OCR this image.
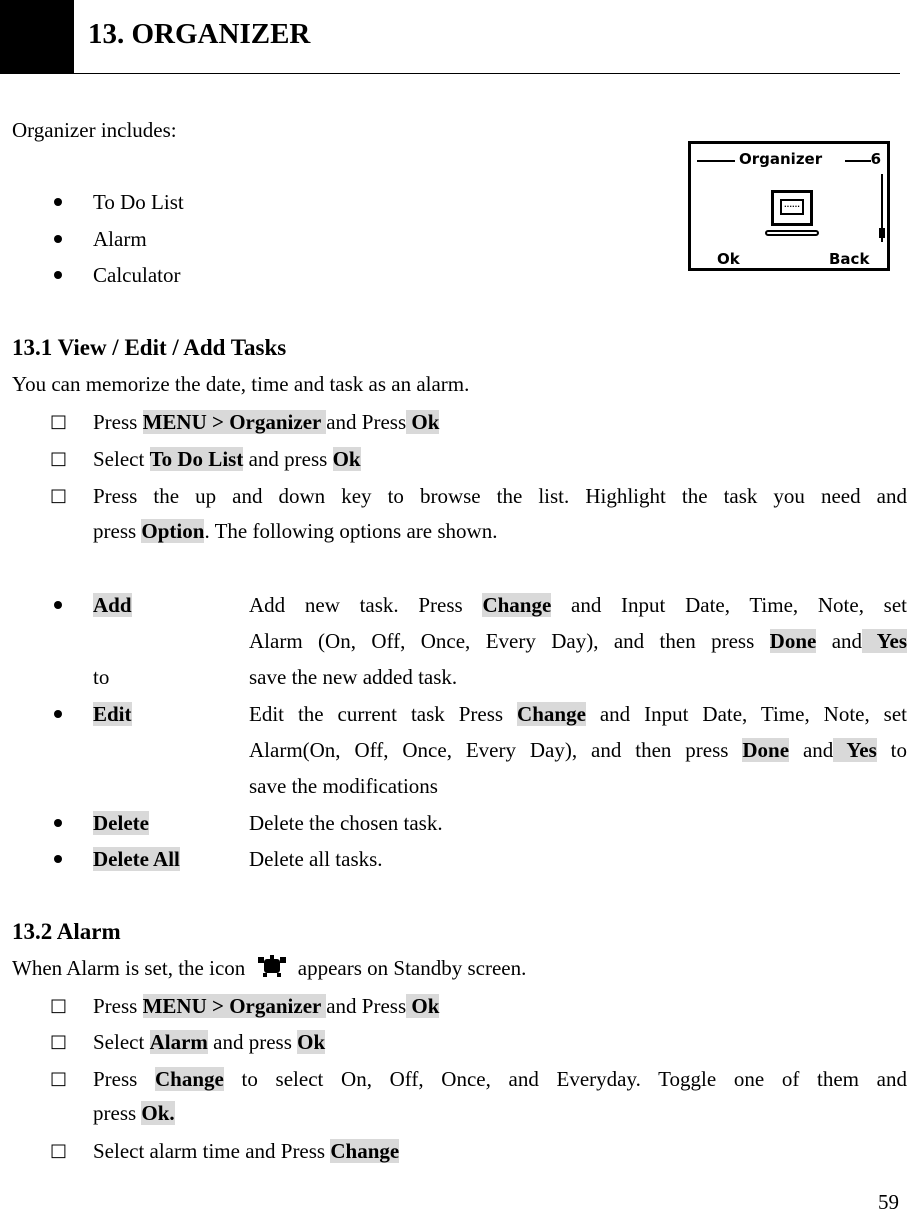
13. ORGANIZER
Organizer includes:
To Do List
Alarm
Calculator
Organizer	6
......
Ok	Back
13.1 View / Edit / Add Tasks
You can memorize the date, time and task as an alarm.
□ Press MENU > Organizer and Press Ok
□ Select To Do List and press Ok
□ Press the up and down key to browse the list. Highlight the task you need and
press Option. The following options are shown.
Add	Add new task. Press Change and Input Date, Time, Note, set
Alarm (On, Off, Once, Every Day), and then press Done and Yes
to	save the new added task.
Edit	Edit the current task Press Change and Input Date, Time, Note, set
Alarm(On, Off, Once, Every Day), and then press Done and Yes to
save the modifications
Delete	Delete the chosen task.
Delete All	Delete all tasks.
13.2 Alarm
When Alarm is set, the icon  appears on Standby screen.
□ Press MENU > Organizer and Press Ok
□ Select Alarm and press Ok
□ Press Change to select On, Off, Once, and Everyday. Toggle one of them and
press Ok.
□ Select alarm time and Press Change
59
